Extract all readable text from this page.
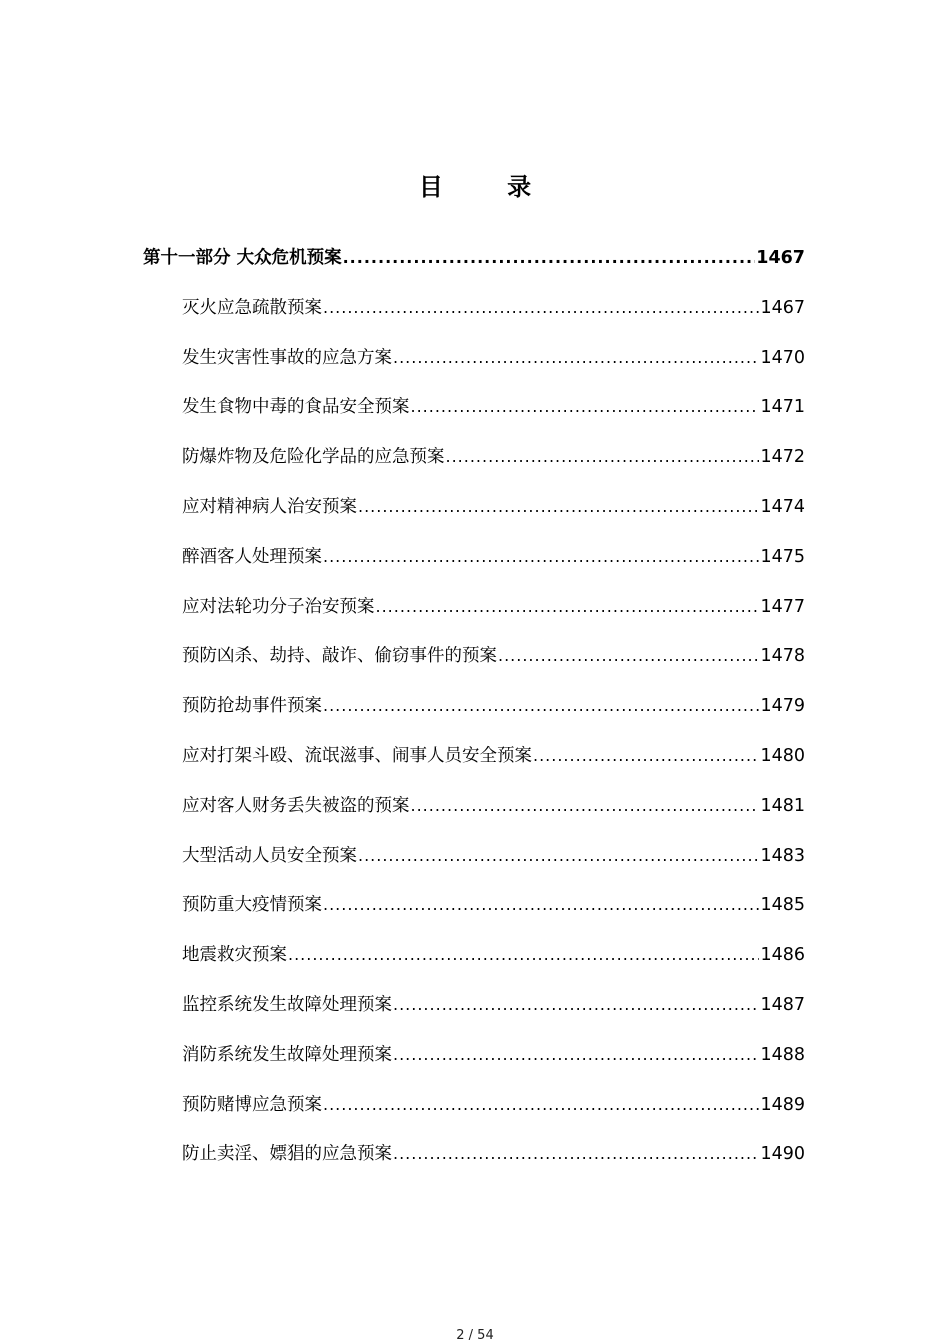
目 录
第十一部分 大众危机预案 .....	1467
灭火应急疏散预案 .....	1467
发生灾害性事故的应急方案 .....	1470
发生食物中毒的食品安全预案 .....	1471
防爆炸物及危险化学品的应急预案 .....	1472
应对精神病人治安预案 .....	1474
醉酒客人处理预案 .....	1475
应对法轮功分子治安预案 .....	1477
预防凶杀、劫持、敲诈、偷窃事件的预案 .....	1478
预防抢劫事件预案 .....	1479
应对打架斗殴、流氓滋事、闹事人员安全预案 .....	1480
应对客人财务丢失被盗的预案 .....	1481
大型活动人员安全预案 .....	1483
预防重大疫情预案 .....	1485
地震救灾预案 .....	1486
监控系统发生故障处理预案 .....	1487
消防系统发生故障处理预案 .....	1488
预防赌博应急预案 .....	1489
防止卖淫、嫖猖的应急预案 .....	1490
2 / 54
